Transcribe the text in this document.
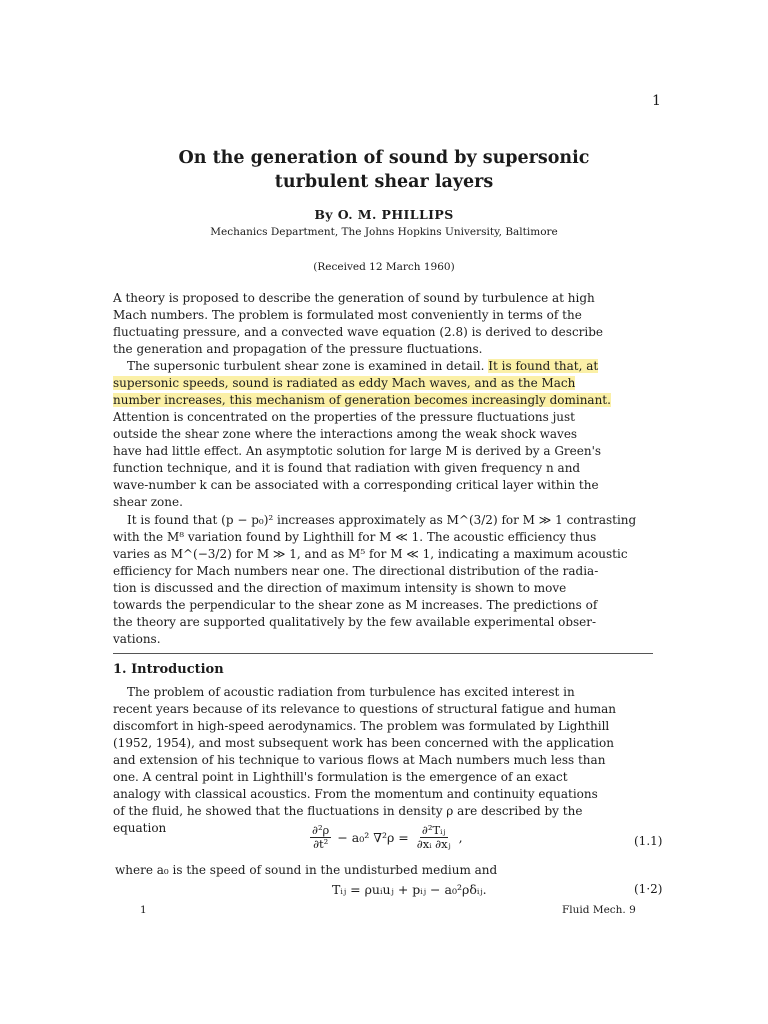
1
On the generation of sound by supersonic
turbulent shear layers
By O. M. PHILLIPS
Mechanics Department, The Johns Hopkins University, Baltimore
(Received 12 March 1960)
A theory is proposed to describe the generation of sound by turbulence at high
Mach numbers. The problem is formulated most conveniently in terms of the
fluctuating pressure, and a convected wave equation (2.8) is derived to describe
the generation and propagation of the pressure fluctuations.
The supersonic turbulent shear zone is examined in detail. It is found that, at
supersonic speeds, sound is radiated as eddy Mach waves, and as the Mach
number increases, this mechanism of generation becomes increasingly dominant.
Attention is concentrated on the properties of the pressure fluctuations just
outside the shear zone where the interactions among the weak shock waves
have had little effect. An asymptotic solution for large M is derived by a Green's
function technique, and it is found that radiation with given frequency n and
wave-number k can be associated with a corresponding critical layer within the
shear zone.
It is found that (p − p₀)² increases approximately as M^(3/2) for M ≫ 1 contrasting
with the M⁸ variation found by Lighthill for M ≪ 1. The acoustic efficiency thus
varies as M^(−3/2) for M ≫ 1, and as M⁵ for M ≪ 1, indicating a maximum acoustic
efficiency for Mach numbers near one. The directional distribution of the radia-
tion is discussed and the direction of maximum intensity is shown to move
towards the perpendicular to the shear zone as M increases. The predictions of
the theory are supported qualitatively by the few available experimental obser-
vations.
1. Introduction
The problem of acoustic radiation from turbulence has excited interest in
recent years because of its relevance to questions of structural fatigue and human
discomfort in high-speed aerodynamics. The problem was formulated by Lighthill
(1952, 1954), and most subsequent work has been concerned with the application
and extension of his technique to various flows at Mach numbers much less than
one. A central point in Lighthill's formulation is the emergence of an exact
analogy with classical acoustics. From the momentum and continuity equations
of the fluid, he showed that the fluctuations in density ρ are described by the
equation	$\frac{\text{∂²ρ}}{\text{∂t²}} - a_0^2$ $\nabla^2\rho = \frac{\text{∂²Tᵢⱼ}}{\text{∂xᵢ ∂xⱼ}}$ ,	(1.1)
where a₀ is the speed of sound in the undisturbed medium and
Tᵢⱼ = ρuᵢuⱼ + pᵢⱼ − a₀²ρδᵢⱼ.	(1·2)
1	Fluid Mech. 9
